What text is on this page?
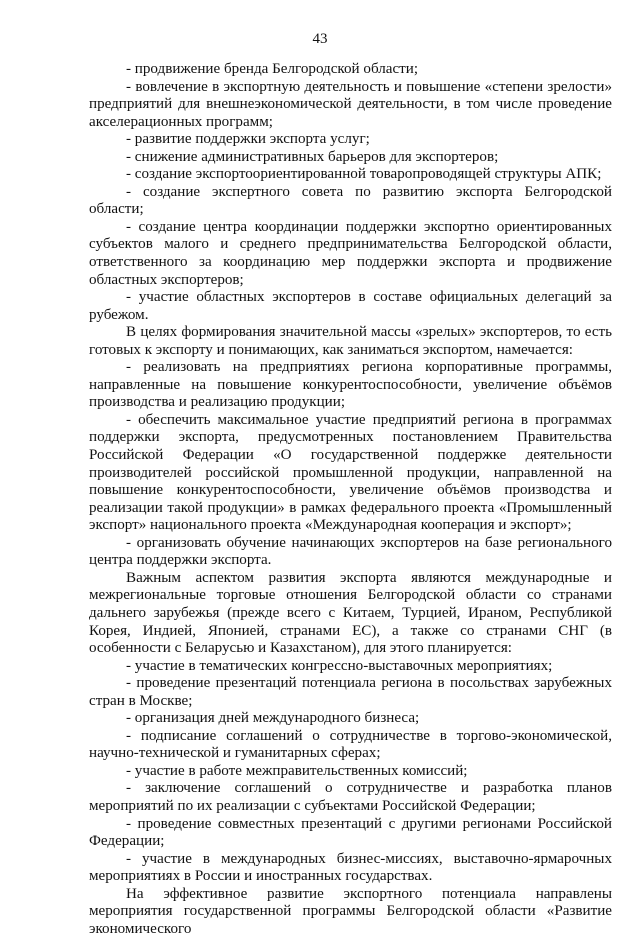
43

- продвижение бренда Белгородской области;

- вовлечение в экспортную деятельность и повышение «степени зрелости» предприятий для внешнеэкономической деятельности, в том числе проведение акселерационных программ;

- развитие поддержки экспорта услуг;

- снижение административных барьеров для экспортеров;

- создание экспортоориентированной товаропроводящей структуры АПК;

- создание экспертного совета по развитию экспорта Белгородской области;

- создание центра координации поддержки экспортно ориентированных субъектов малого и среднего предпринимательства Белгородской области, ответственного за координацию мер поддержки экспорта и продвижение областных экспортеров;

- участие областных экспортеров в составе официальных делегаций за рубежом.

В целях формирования значительной массы «зрелых» экспортеров, то есть готовых к экспорту и понимающих, как заниматься экспортом, намечается:

- реализовать на предприятиях региона корпоративные программы, направленные на повышение конкурентоспособности, увеличение объёмов производства и реализацию продукции;

- обеспечить максимальное участие предприятий региона в программах поддержки экспорта, предусмотренных постановлением Правительства Российской Федерации «О государственной поддержке деятельности производителей российской промышленной продукции, направленной на повышение конкурентоспособности, увеличение объёмов производства и реализации такой продукции» в рамках федерального проекта «Промышленный экспорт» национального проекта «Международная кооперация и экспорт»;

- организовать обучение начинающих экспортеров на базе регионального центра поддержки экспорта.

Важным аспектом развития экспорта являются международные и межрегиональные торговые отношения Белгородской области со странами дальнего зарубежья (прежде всего с Китаем, Турцией, Ираном, Республикой Корея, Индией, Японией, странами ЕС), а также со странами СНГ (в особенности с Беларусью и Казахстаном), для этого планируется:

- участие в тематических конгрессно-выставочных мероприятиях;

- проведение презентаций потенциала региона в посольствах зарубежных стран в Москве;

- организация дней международного бизнеса;

- подписание соглашений о сотрудничестве в торгово-экономической, научно-технической и гуманитарных сферах;

- участие в работе межправительственных комиссий;

- заключение соглашений о сотрудничестве и разработка планов мероприятий по их реализации с субъектами Российской Федерации;

- проведение совместных презентаций с другими регионами Российской Федерации;

- участие в международных бизнес-миссиях, выставочно-ярмарочных мероприятиях в России и иностранных государствах.

На эффективное развитие экспортного потенциала направлены мероприятия государственной программы Белгородской области «Развитие экономического
